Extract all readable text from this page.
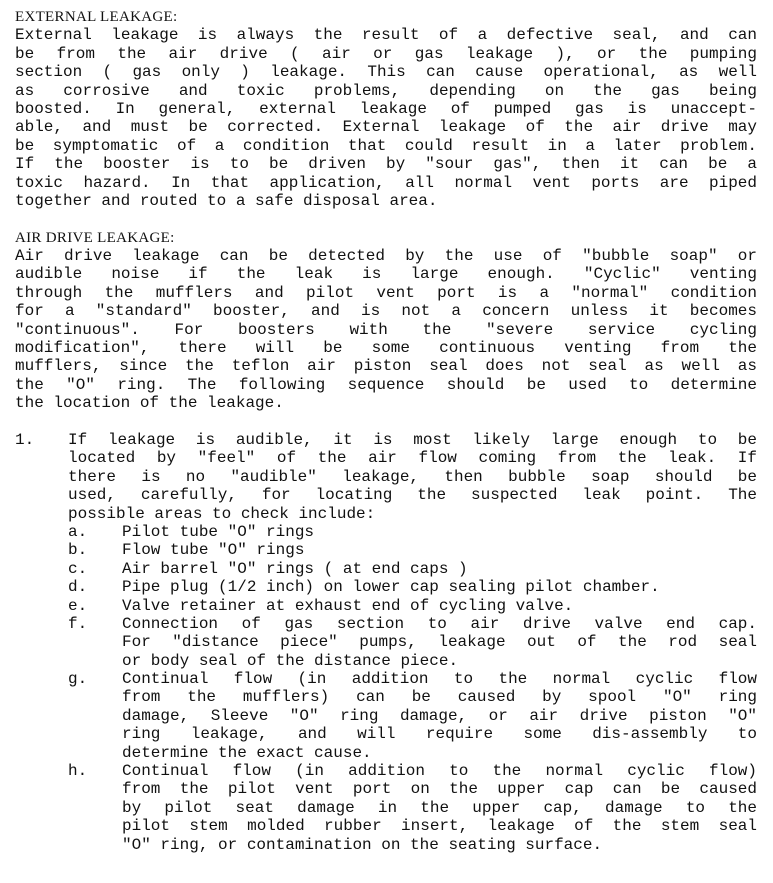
EXTERNAL LEAKAGE:
External leakage is always the result of a defective seal, and can
be from the air drive ( air or gas leakage ), or the pumping
section ( gas only ) leakage. This can cause operational, as well
as corrosive and toxic problems, depending on the gas being
boosted. In general, external leakage of pumped gas is unaccept-
able, and must be corrected. External leakage of the air drive may
be symptomatic of a condition that could result in a later problem.
If the booster is to be driven by "sour gas", then it can be a
toxic hazard. In that application, all normal vent ports are piped
together and routed to a safe disposal area.
AIR DRIVE LEAKAGE:
Air drive leakage can be detected by the use of "bubble soap" or
audible noise if the leak is large enough. "Cyclic" venting
through the mufflers and pilot vent port is a "normal" condition
for a "standard" booster, and is not a concern unless it becomes
"continuous". For boosters with the "severe service cycling
modification", there will be some continuous venting from the
mufflers, since the teflon air piston seal does not seal as well as
the "O" ring. The following sequence should be used to determine
the location of the leakage.
1. If leakage is audible, it is most likely large enough to be
located by "feel" of the air flow coming from the leak. If
there is no "audible" leakage, then bubble soap should be
used, carefully, for locating the suspected leak point. The
possible areas to check include:
a. Pilot tube "O" rings
b. Flow tube "O" rings
c. Air barrel "O" rings ( at end caps )
d. Pipe plug (1/2 inch) on lower cap sealing pilot chamber.
e. Valve retainer at exhaust end of cycling valve.
f. Connection of gas section to air drive valve end cap.
For "distance piece" pumps, leakage out of the rod seal
or body seal of the distance piece.
g. Continual flow (in addition to the normal cyclic flow
from the mufflers) can be caused by spool "O" ring
damage, Sleeve "O" ring damage, or air drive piston "O"
ring leakage, and will require some dis-assembly to
determine the exact cause.
h. Continual flow (in addition to the normal cyclic flow)
from the pilot vent port on the upper cap can be caused
by pilot seat damage in the upper cap, damage to the
pilot stem molded rubber insert, leakage of the stem seal
"O" ring, or contamination on the seating surface.
